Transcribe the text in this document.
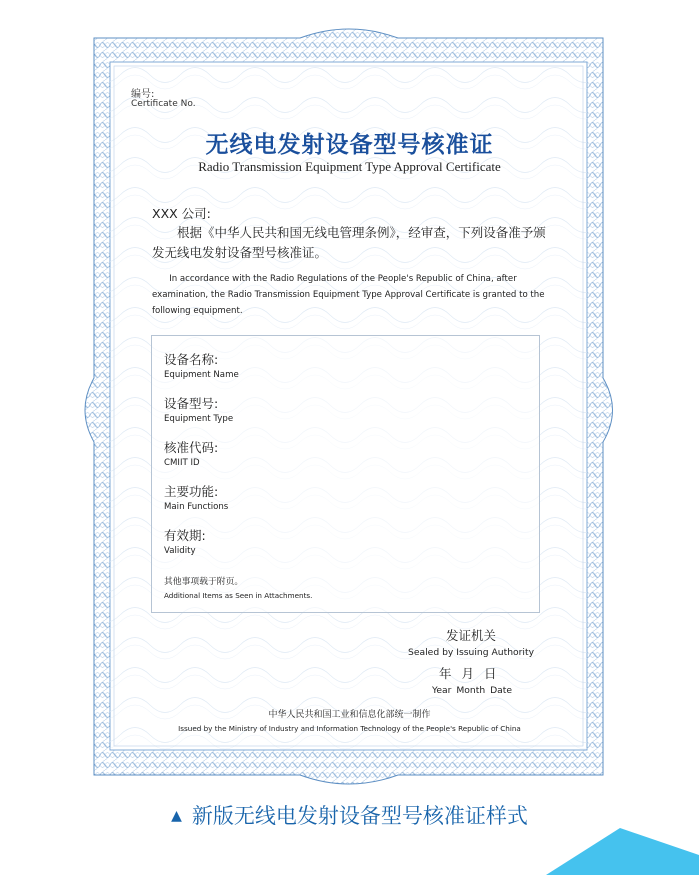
编号:
Certificate No.
无线电发射设备型号核准证
Radio Transmission Equipment Type Approval Certificate
XXX 公司:

根据《中华人民共和国无线电管理条例》，经审查，下列设备准予颁发无线电发射设备型号核准证。

In accordance with the Radio Regulations of the People's Republic of China, after examination, the Radio Transmission Equipment Type Approval Certificate is granted to the following equipment.

设备名称:
Equipment Name
设备型号:
Equipment Type
核准代码:
CMIIT ID
主要功能:
Main Functions
有效期:
Validity
其他事项载于附页。
Additional Items as Seen in Attachments.
发证机关
Sealed by Issuing Authority
年 月 日
Year Month Date
中华人民共和国工业和信息化部统一制作
Issued by the Ministry of Industry and Information Technology of the People's Republic of China
▲ 新版无线电发射设备型号核准证样式
